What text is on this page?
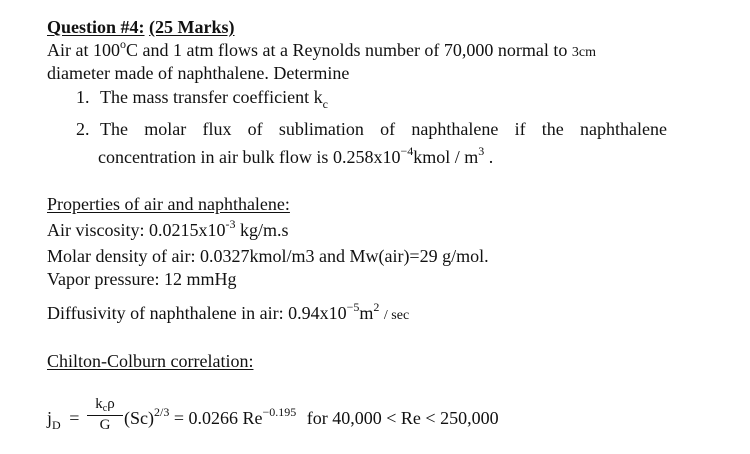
Question #4: (25 Marks)
Air at 100$^o$C and 1 atm flows at a Reynolds number of 70,000 normal to 3cm
diameter made of naphthalene. Determine
1. The mass transfer coefficient $k_c$
2. The molar flux of sublimation of naphthalene if the naphthalene
concentration in air bulk flow is $0.258x10^{-4}kmol / m^3$ .
Properties of air and naphthalene:
Air viscosity: $0.0215x10^{-3}$ kg/m.s
Molar density of air: 0.0327kmol/m3 and Mw(air)=29 g/mol.
Vapor pressure: 12 mmHg
Diffusivity of naphthalene in air: $0.94x10^{-5}m^2$ / sec
Chilton-Colburn correlation:
$j_D$ =
$k_c\rho$
G $(Sc)^{2/3} = 0.0266$ $Re^{-0.195}$ for 40,000 < Re < 250,000
